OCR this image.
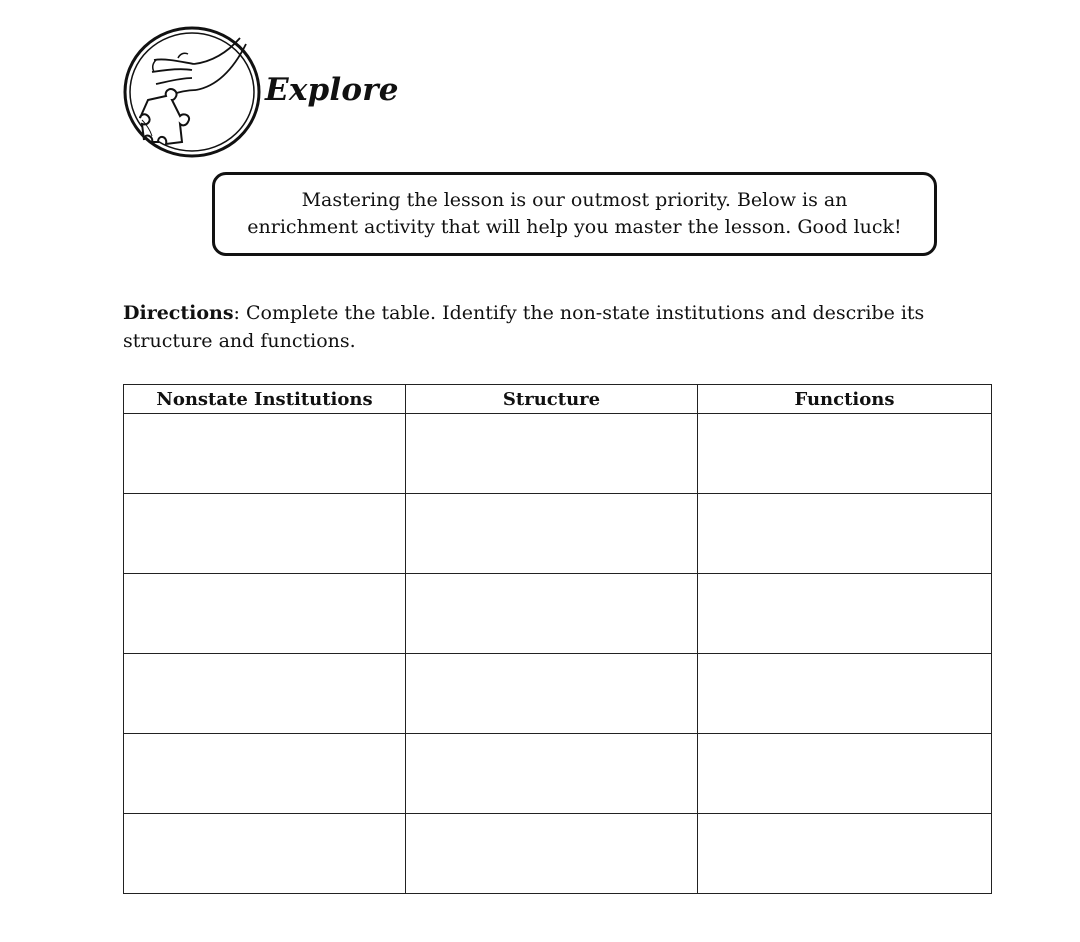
Explore
Mastering the lesson is our outmost priority. Below is an
enrichment activity that will help you master the lesson. Good luck!
Directions: Complete the table. Identify the non-state institutions and describe its structure and functions.
Nonstate Institutions	Structure	Functions
